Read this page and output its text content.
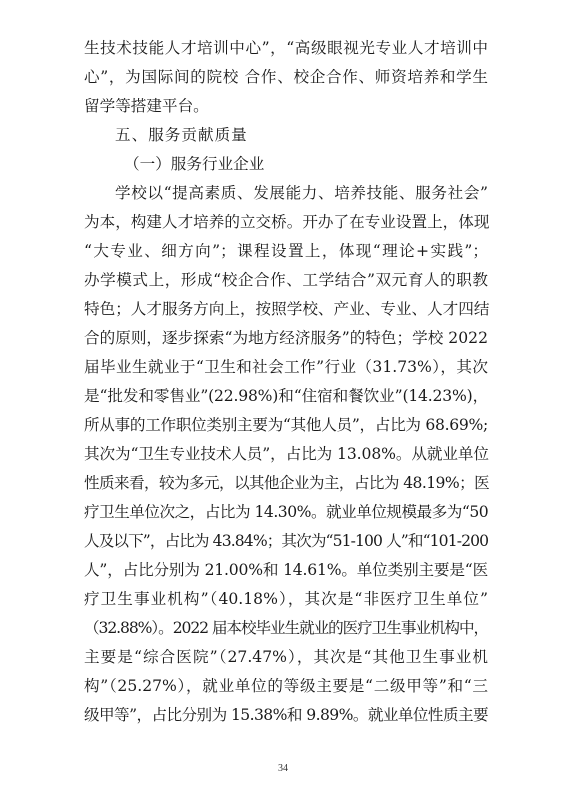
生技术技能人才培训中心”，“高级眼视光专业人才培训中
心”，为国际间的院校 合作、校企合作、师资培养和学生
留学等搭建平台。
五、服务贡献质量
（一）服务行业企业
学校以“提高素质、发展能力、培养技能、服务社会”
为本，构建人才培养的立交桥。开办了在专业设置上，体现
“大专业、细方向”；课程设置上，体现“理论+实践”；
办学模式上，形成“校企合作、工学结合”双元育人的职教
特色；人才服务方向上，按照学校、产业、专业、人才四结
合的原则，逐步探索“为地方经济服务”的特色；学校 2022
届毕业生就业于“卫生和社会工作”行业（31.73%），其次
是“批发和零售业”(22.98%)和“住宿和餐饮业”(14.23%)，
所从事的工作职位类别主要为“其他人员”，占比为 68.69%;
其次为“卫生专业技术人员”，占比为 13.08%。从就业单位
性质来看，较为多元，以其他企业为主，占比为 48.19%；医
疗卫生单位次之，占比为 14.30%。就业单位规模最多为“50
人及以下”，占比为 43.84%；其次为“51-100 人”和“101-200
人”，占比分别为 21.00%和 14.61%。单位类别主要是“医
疗卫生事业机构”（40.18%），其次是“非医疗卫生单位”
（32.88%）。2022 届本校毕业生就业的医疗卫生事业机构中，
主要是“综合医院”（27.47%），其次是“其他卫生事业机
构”（25.27%），就业单位的等级主要是“二级甲等”和“三
级甲等”，占比分别为 15.38%和 9.89%。就业单位性质主要
34
